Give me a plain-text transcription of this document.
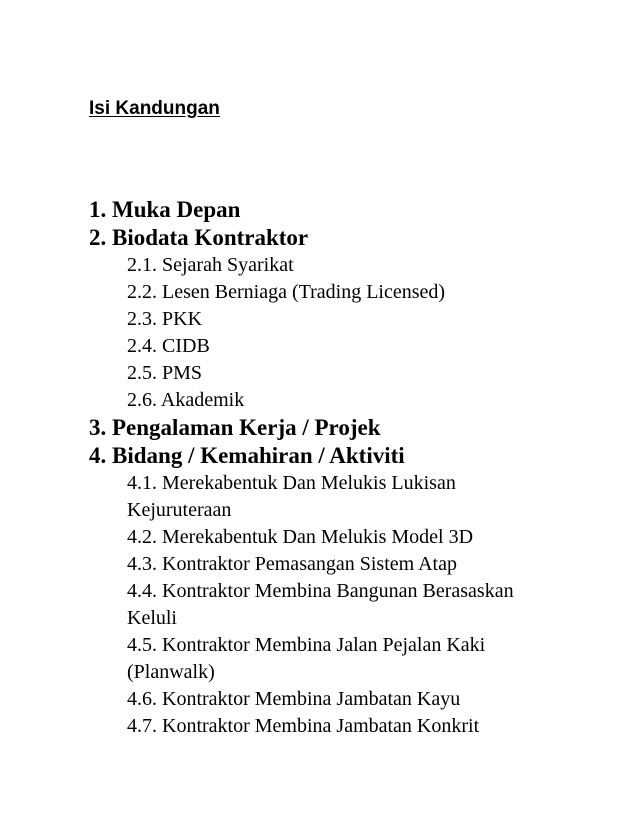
Isi Kandungan
1. Muka Depan
2. Biodata Kontraktor
2.1. Sejarah Syarikat
2.2. Lesen Berniaga (Trading Licensed)
2.3. PKK
2.4. CIDB
2.5. PMS
2.6. Akademik
3. Pengalaman Kerja / Projek
4. Bidang / Kemahiran / Aktiviti
4.1. Merekabentuk Dan Melukis Lukisan
Kejuruteraan
4.2. Merekabentuk Dan Melukis Model 3D
4.3. Kontraktor Pemasangan Sistem Atap
4.4. Kontraktor Membina Bangunan Berasaskan
Keluli
4.5. Kontraktor Membina Jalan Pejalan Kaki
(Planwalk)
4.6. Kontraktor Membina Jambatan Kayu
4.7. Kontraktor Membina Jambatan Konkrit
